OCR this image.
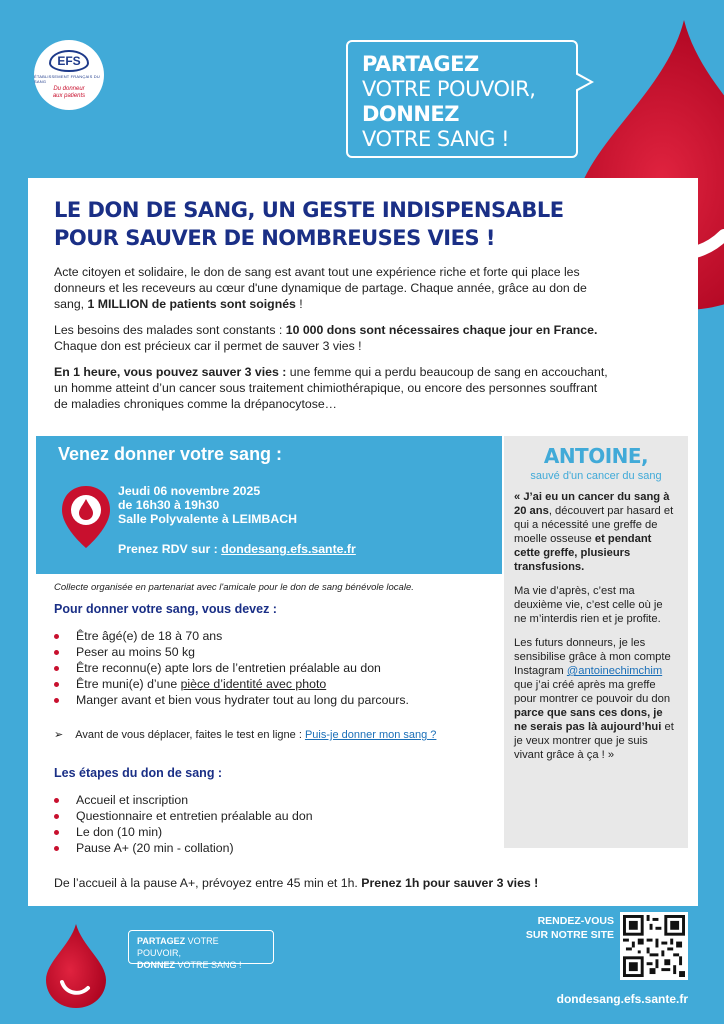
EFS
ÉTABLISSEMENT FRANÇAIS DU SANG
Du donneur
aux patients
PARTAGEZ
VOTRE POUVOIR,
DONNEZ
VOTRE SANG !
LE DON DE SANG, UN GESTE INDISPENSABLE
POUR SAUVER DE NOMBREUSES VIES !

Acte citoyen et solidaire, le don de sang est avant tout une expérience riche et forte qui place les donneurs et les receveurs au cœur d'une dynamique de partage. Chaque année, grâce au don de sang, 1 MILLION de patients sont soignés !

Les besoins des malades sont constants : 10 000 dons sont nécessaires chaque jour en France. Chaque don est précieux car il permet de sauver 3 vies !

En 1 heure, vous pouvez sauver 3 vies : une femme qui a perdu beaucoup de sang en accouchant, un homme atteint d’un cancer sous traitement chimiothérapique, ou encore des personnes souffrant de maladies chroniques comme la drépanocytose…

Venez donner votre sang :
Jeudi 06 novembre 2025
de 16h30 à 19h30
Salle Polyvalente à LEIMBACH
Prenez RDV sur : dondesang.efs.sante.fr
Collecte organisée en partenariat avec l'amicale pour le don de sang bénévole locale.
Pour donner votre sang, vous devez :
Être âgé(e) de 18 à 70 ans
Peser au moins 50 kg
Être reconnu(e) apte lors de l’entretien préalable au don
Être muni(e) d’une pièce d’identité avec photo
Manger avant et bien vous hydrater tout au long du parcours.
➢ Avant de vous déplacer, faites le test en ligne : Puis-je donner mon sang ?
Les étapes du don de sang :
Accueil et inscription
Questionnaire et entretien préalable au don
Le don (10 min)
Pause A+ (20 min - collation)
De l’accueil à la pause A+, prévoyez entre 45 min et 1h. Prenez 1h pour sauver 3 vies !
ANTOINE,
sauvé d'un cancer du sang

« J’ai eu un cancer du sang à 20 ans, découvert par hasard et qui a nécessité une greffe de moelle osseuse et pendant cette greffe, plusieurs transfusions.

Ma vie d’après, c’est ma deuxième vie, c’est celle où je ne m’interdis rien et je profite.

Les futurs donneurs, je les sensibilise grâce à mon compte Instagram @antoinechimchim que j’ai créé après ma greffe pour montrer ce pouvoir du don parce que sans ces dons, je ne serais pas là aujourd’hui et je veux montrer que je suis vivant grâce à ça ! »

PARTAGEZ VOTRE POUVOIR,
DONNEZ VOTRE SANG !
RENDEZ-VOUS
SUR NOTRE SITE
dondesang.efs.sante.fr
